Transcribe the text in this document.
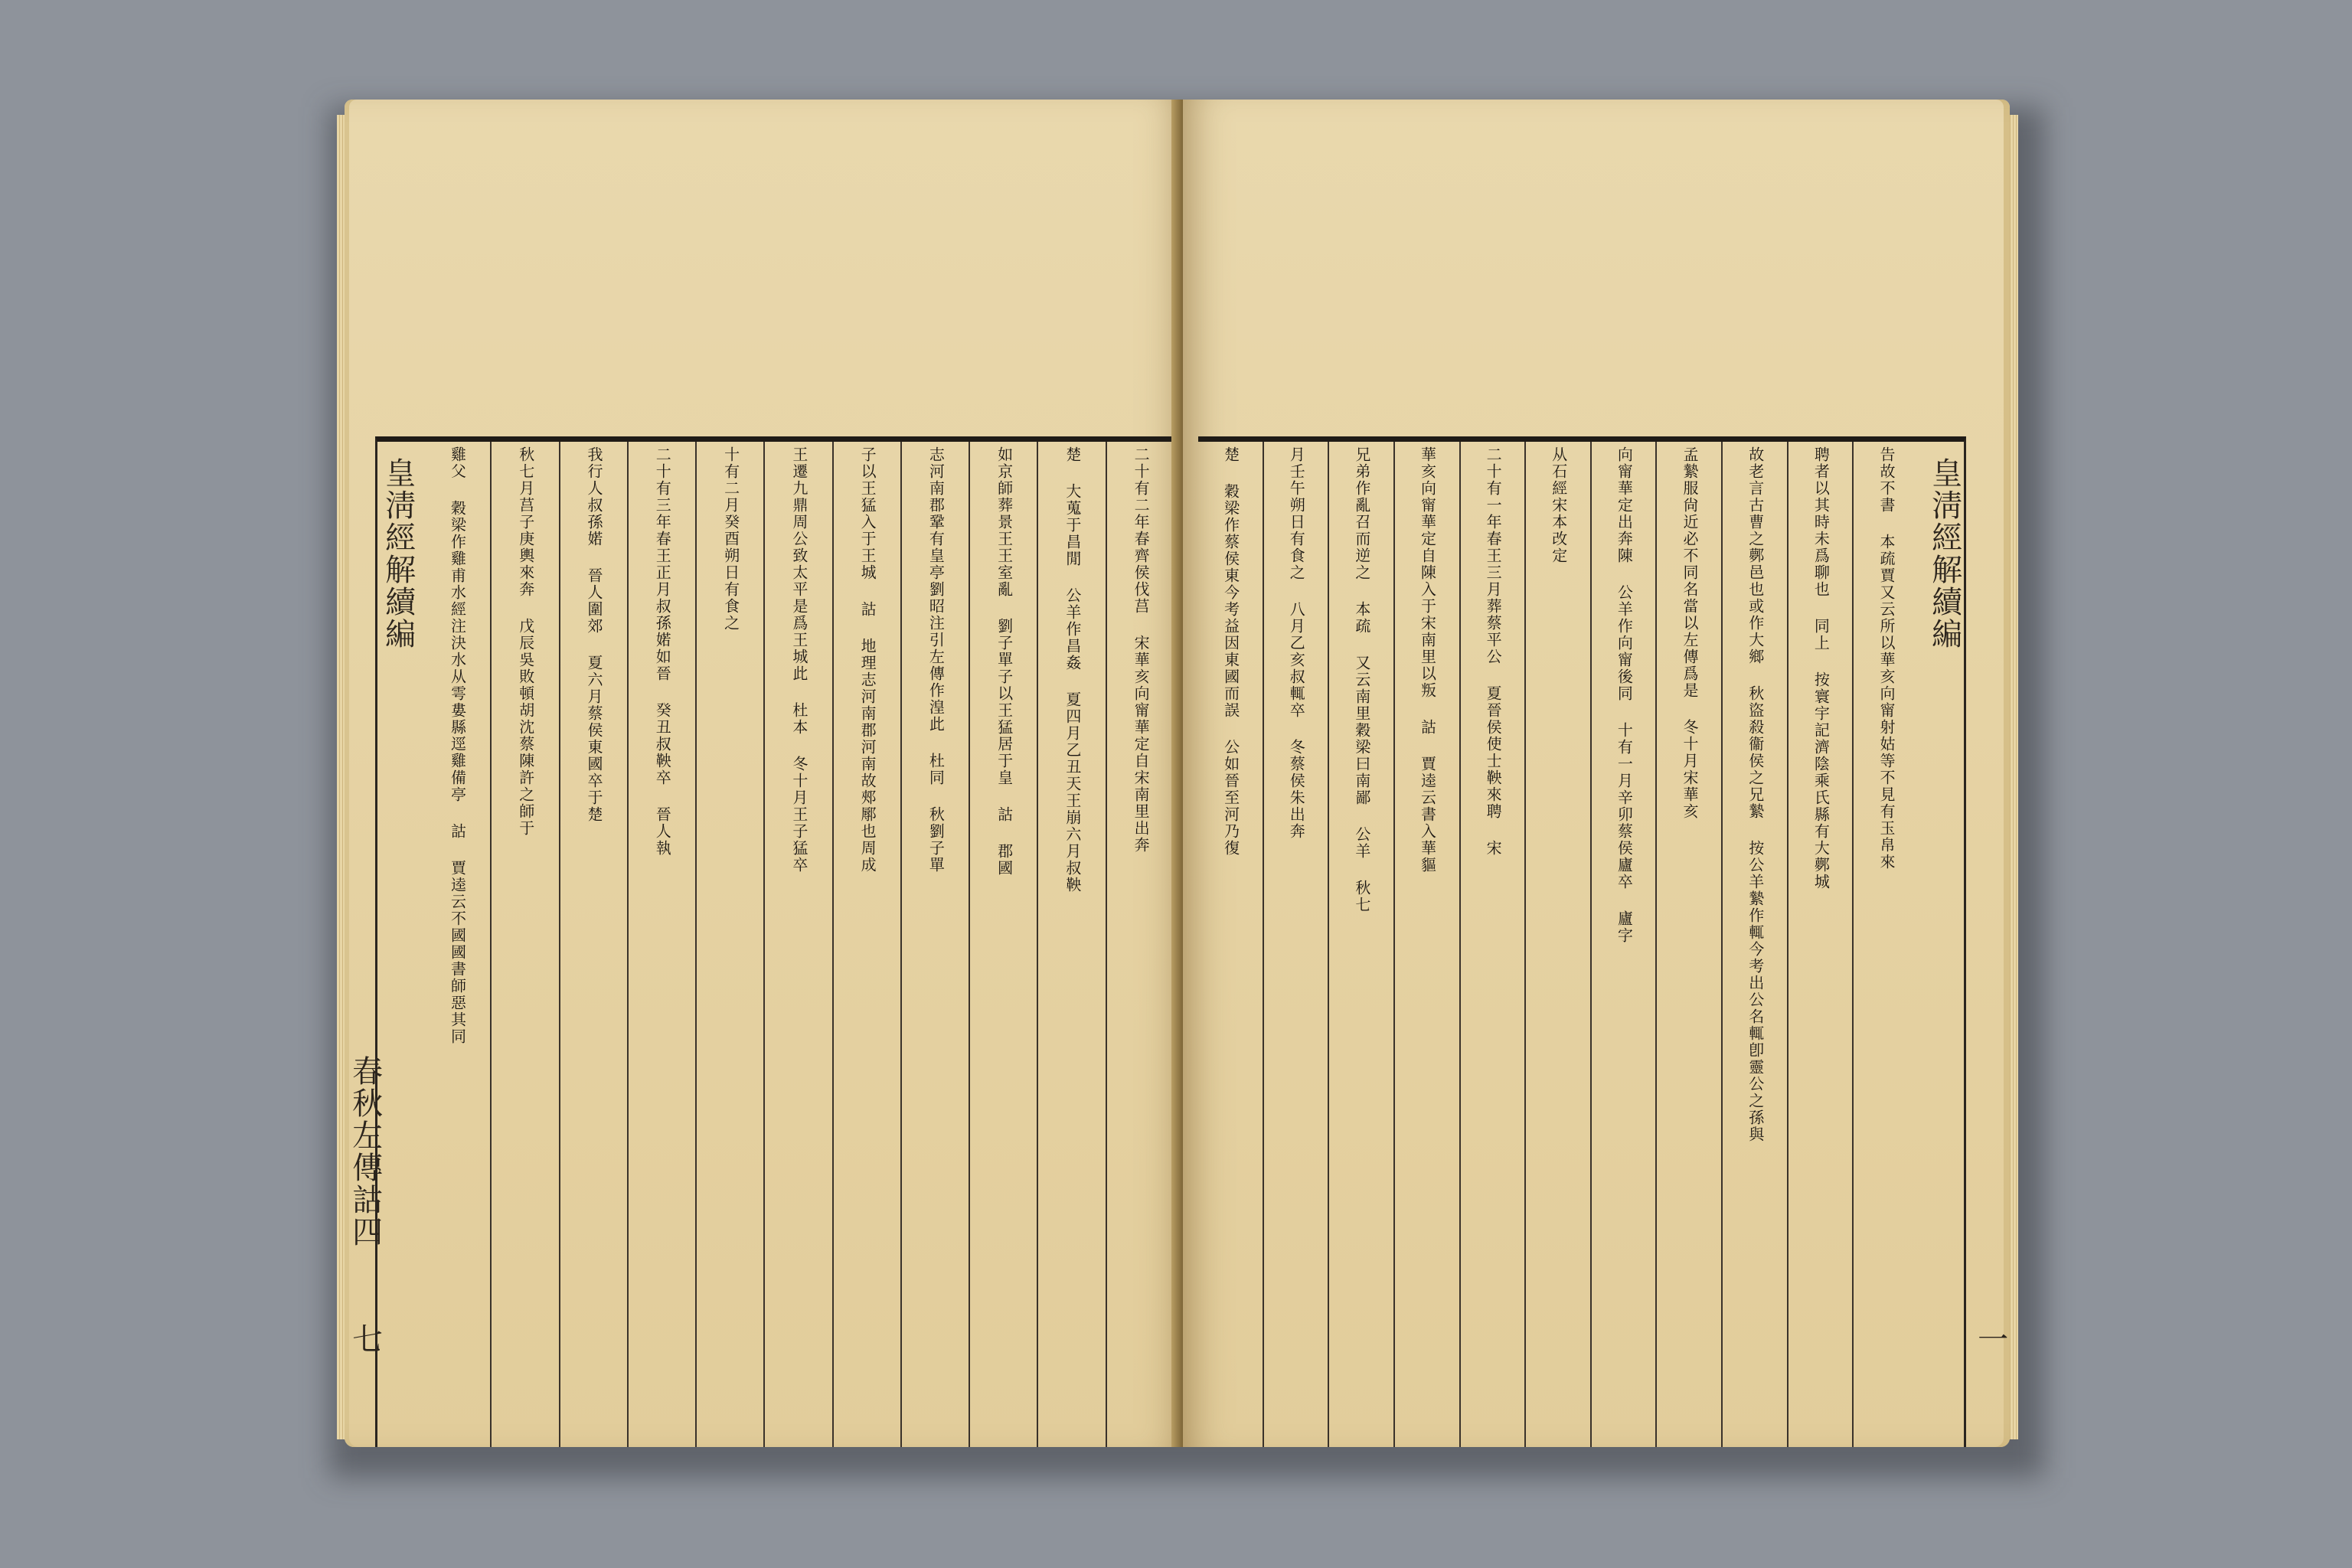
皇淸經解續編	二十有二年春齊侯伐莒 宋華亥向甯華定自宋南里出奔
楚 大蒐于昌閒 公羊作昌姦 夏四月乙丑天王崩六月叔鞅
如京師葬景王王室亂 劉子單子以王猛居于皇 詁 郡國
志河南郡鞏有皇亭劉昭注引左傳作湟此 杜同 秋劉子單
子以王猛入于王城 詁 地理志河南郡河南故郟鄏也周成
王遷九鼎周公致太平是爲王城此 杜本 冬十月王子猛卒
十有二月癸酉朔日有食之
二十有三年春王正月叔孫婼如晉 癸丑叔鞅卒 晉人執
我行人叔孫婼 晉人圍郊 夏六月蔡侯東國卒于楚
秋七月莒子庚輿來奔 戊辰吳敗頓胡沈蔡陳許之師于
雞父 穀梁作雞甫水經注決水从雩婁縣逕雞備亭 詁 賈逵云不國國書師惡其同
春秋左傳詁四
七
皇淸經解續編
告故不書 本疏賈又云所以華亥向甯射姑等不見有玉帛來
聘者以其時未爲聊也 同上 按寰宇記濟陰乘氏縣有大鄸城
故老言古曹之鄸邑也或作大鄉 秋盜殺衞侯之兄縶 按公羊縶作輒今考出公名輒卽靈公之孫與
孟縶服尙近必不同名當以左傳爲是 冬十月宋華亥
向甯華定出奔陳 公羊作向甯後同 十有一月辛卯蔡侯廬卒 廬字
从石經宋本改定
二十有一年春王三月葬蔡平公 夏晉侯使士鞅來聘 宋
華亥向甯華定自陳入于宋南里以叛 詁 賈逵云書入華貙
兄弟作亂召而逆之 本疏 又云南里穀梁曰南鄙 公羊 秋七
月壬午朔日有食之 八月乙亥叔輒卒 冬蔡侯朱出奔
楚 穀梁作蔡侯東今考益因東國而誤 公如晉至河乃復
一
